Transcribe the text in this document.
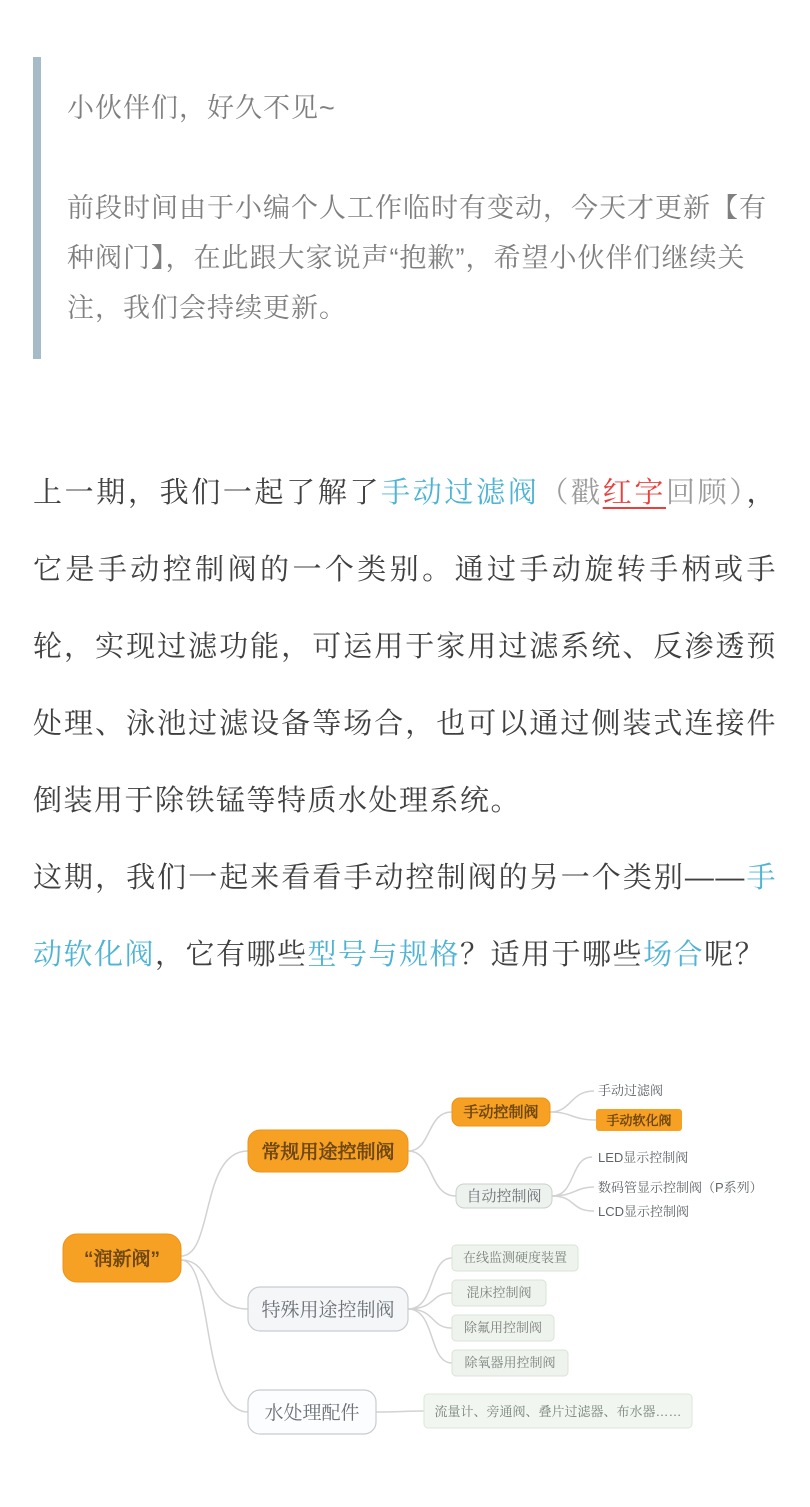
小伙伴们，好久不见~

前段时间由于小编个人工作临时有变动，今天才更新【有种阀门】，在此跟大家说声“抱歉”，希望小伙伴们继续关注，我们会持续更新。

上一期，我们一起了解了手动过滤阀（戳红字回顾），它是手动控制阀的一个类别。通过手动旋转手柄或手轮，实现过滤功能，可运用于家用过滤系统、反渗透预处理、泳池过滤设备等场合，也可以通过侧装式连接件倒装用于除铁锰等特质水处理系统。

这期，我们一起来看看手动控制阀的另一个类别——手动软化阀，它有哪些型号与规格？适用于哪些场合呢？

“润新阀”
常规用途控制阀
手动控制阀
手动过滤阀
手动软化阀
自动控制阀
LED显示控制阀
数码管显示控制阀（P系列）
LCD显示控制阀
特殊用途控制阀
在线监测硬度装置
混床控制阀
除氟用控制阀
除氧器用控制阀
水处理配件	流量计、旁通阀、叠片过滤器、布水器……
